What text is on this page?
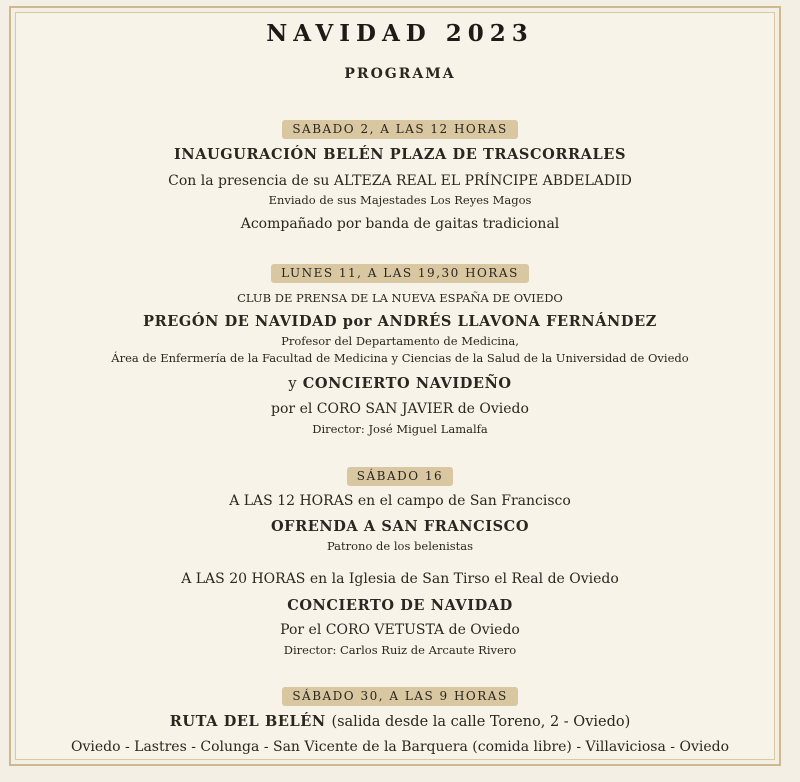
NAVIDAD 2023
PROGRAMA
SABADO 2, A LAS 12 HORAS
INAUGURACIÓN BELÉN PLAZA DE TRASCORRALES
Con la presencia de su ALTEZA REAL EL PRÍNCIPE ABDELADID
Enviado de sus Majestades Los Reyes Magos
Acompañado por banda de gaitas tradicional
LUNES 11, A LAS 19,30 HORAS
CLUB DE PRENSA DE LA NUEVA ESPAÑA DE OVIEDO
PREGÓN DE NAVIDAD por ANDRÉS LLAVONA FERNÁNDEZ
Profesor del Departamento de Medicina,
Área de Enfermería de la Facultad de Medicina y Ciencias de la Salud de la Universidad de Oviedo
y CONCIERTO NAVIDEÑO
por el CORO SAN JAVIER de Oviedo
Director: José Miguel Lamalfa
SÁBADO 16
A LAS 12 HORAS en el campo de San Francisco
OFRENDA A SAN FRANCISCO
Patrono de los belenistas
A LAS 20 HORAS en la Iglesia de San Tirso el Real de Oviedo
CONCIERTO DE NAVIDAD
Por el CORO VETUSTA de Oviedo
Director: Carlos Ruiz de Arcaute Rivero
SÁBADO 30, A LAS 9 HORAS
RUTA DEL BELÉN (salida desde la calle Toreno, 2 - Oviedo)
Oviedo - Lastres - Colunga - San Vicente de la Barquera (comida libre) - Villaviciosa - Oviedo
